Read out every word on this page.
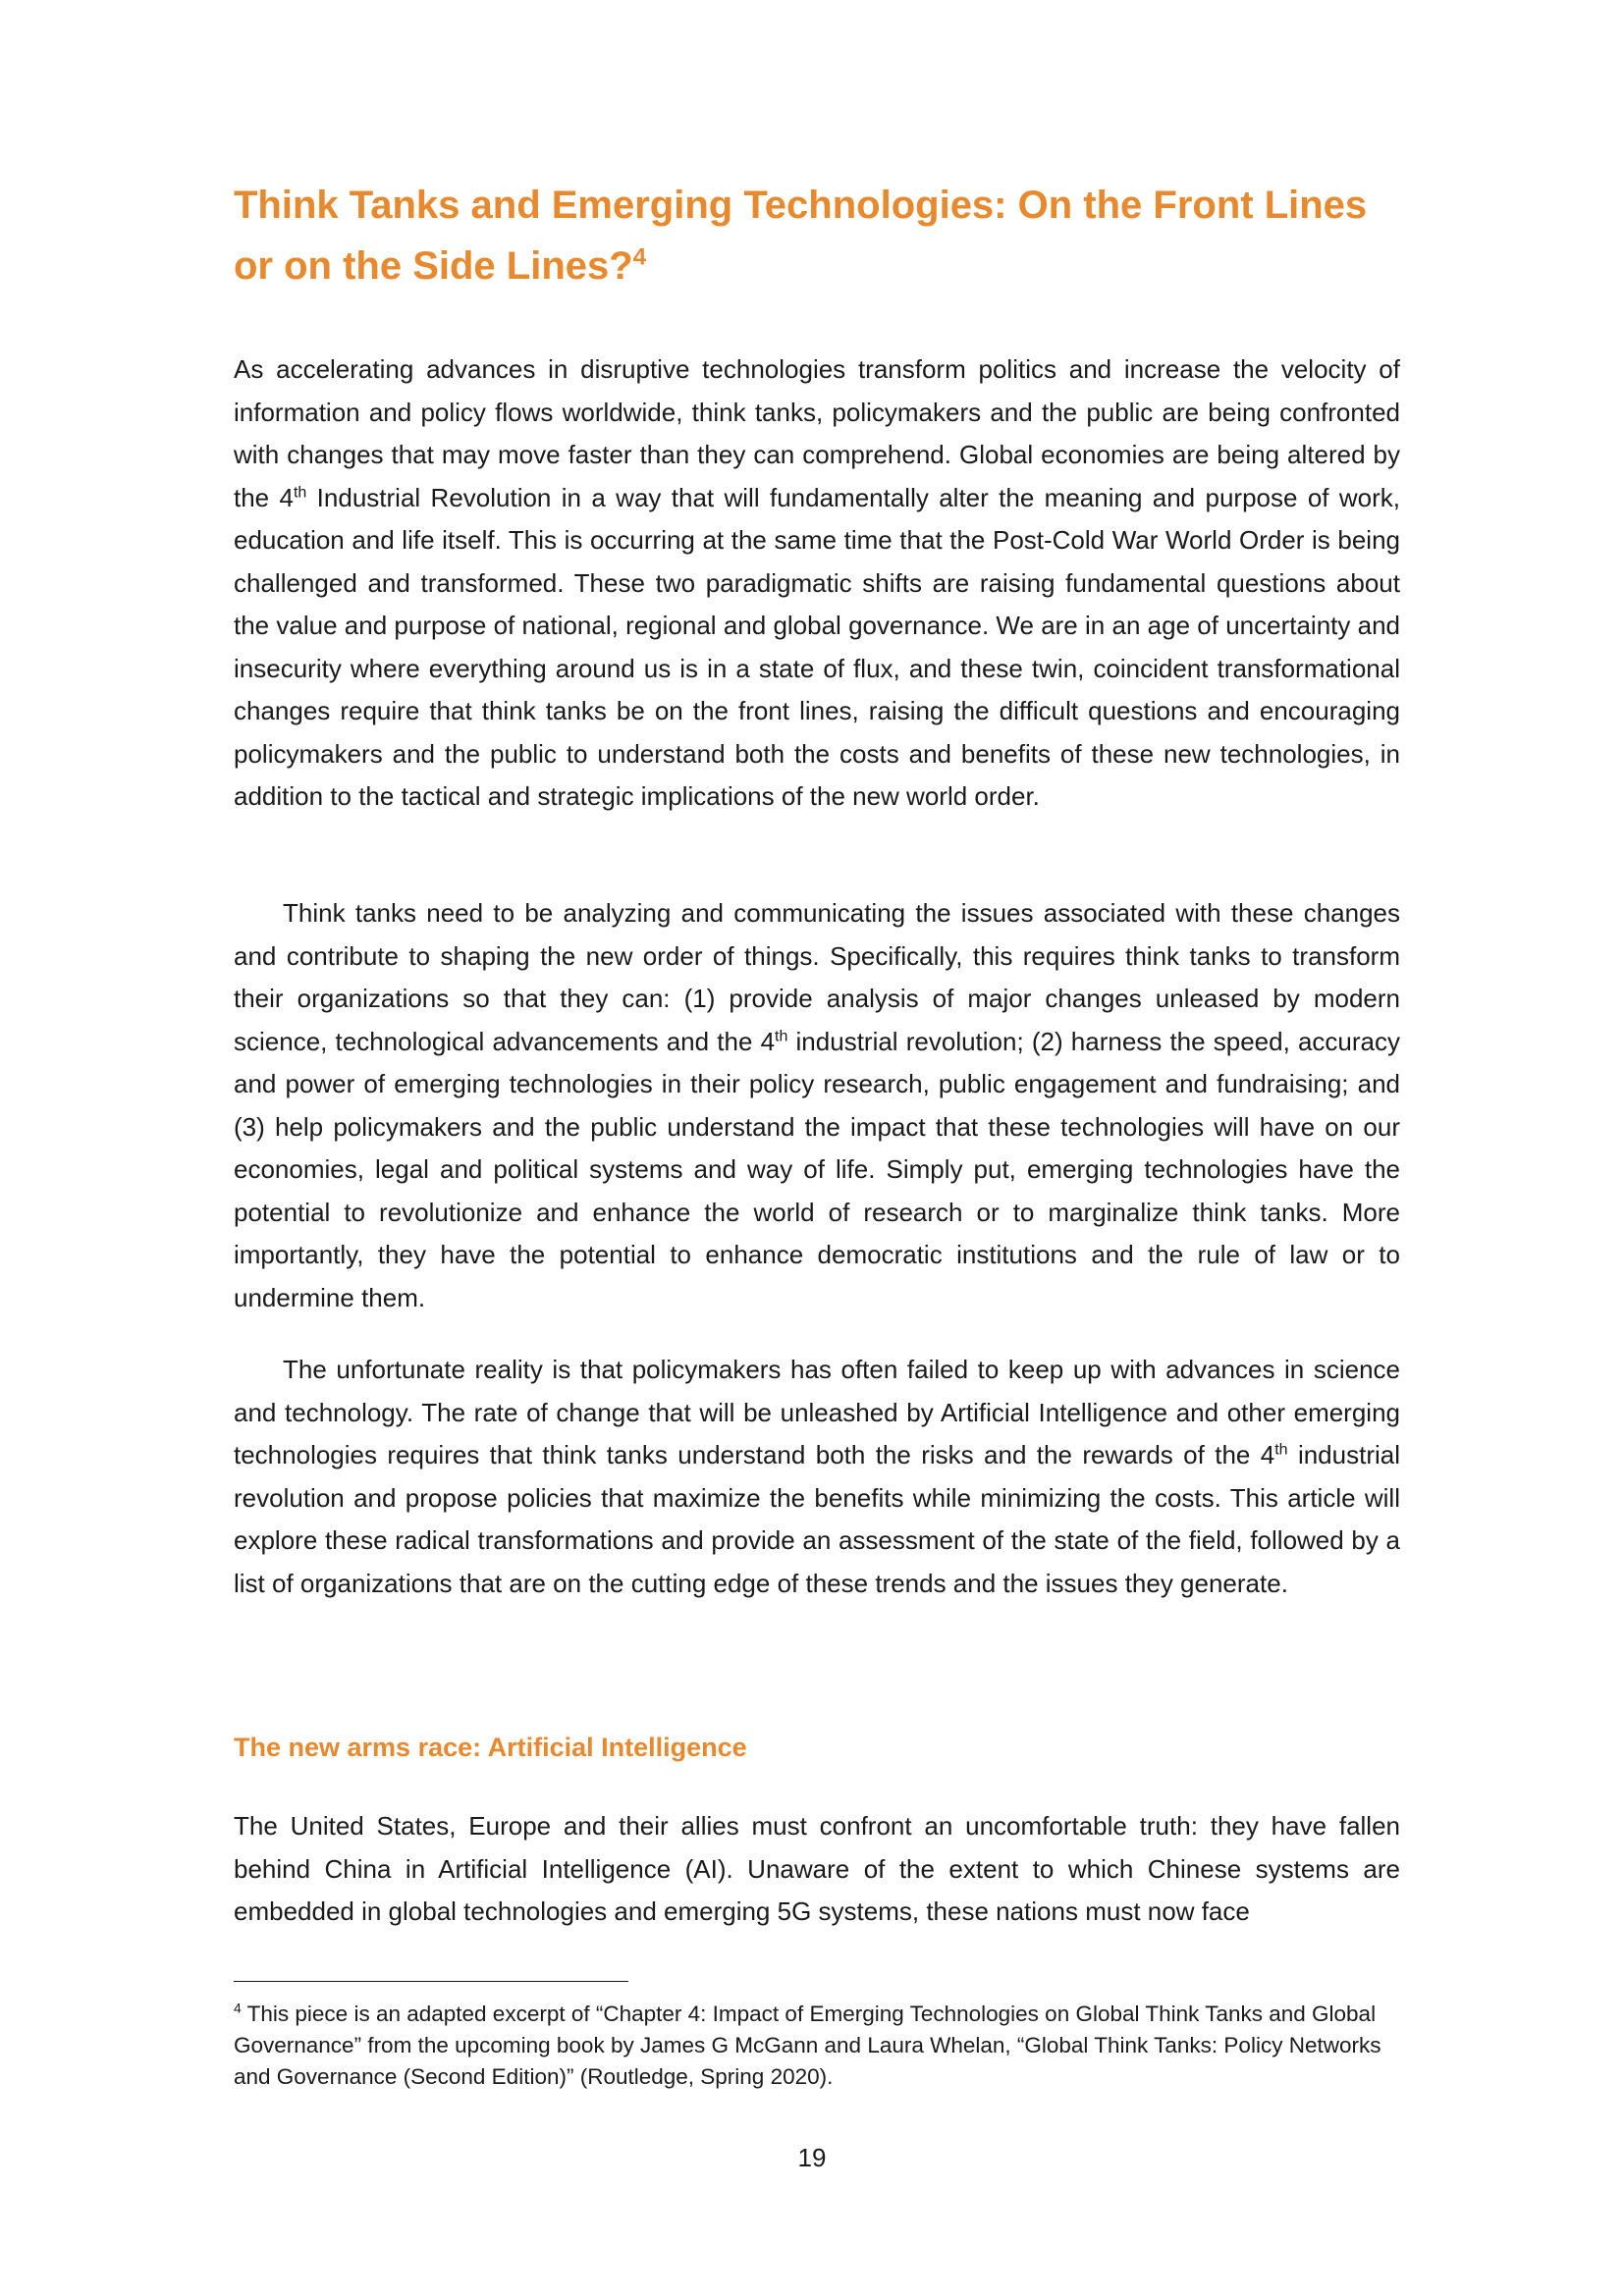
Think Tanks and Emerging Technologies: On the Front Lines or on the Side Lines?$^4$

As accelerating advances in disruptive technologies transform politics and increase the velocity of information and policy flows worldwide, think tanks, policymakers and the public are being confronted with changes that may move faster than they can comprehend. Global economies are being altered by the 4th Industrial Revolution in a way that will fundamentally alter the meaning and purpose of work, education and life itself. This is occurring at the same time that the Post-Cold War World Order is being challenged and transformed. These two paradigmatic shifts are raising fundamental questions about the value and purpose of national, regional and global governance. We are in an age of uncertainty and insecurity where everything around us is in a state of flux, and these twin, coincident transformational changes require that think tanks be on the front lines, raising the difficult questions and encouraging policymakers and the public to understand both the costs and benefits of these new technologies, in addition to the tactical and strategic implications of the new world order.

Think tanks need to be analyzing and communicating the issues associated with these changes and contribute to shaping the new order of things. Specifically, this requires think tanks to transform their organizations so that they can: (1) provide analysis of major changes unleased by modern science, technological advancements and the 4th industrial revolution; (2) harness the speed, accuracy and power of emerging technologies in their policy research, public engagement and fundraising; and (3) help policymakers and the public understand the impact that these technologies will have on our economies, legal and political systems and way of life. Simply put, emerging technologies have the potential to revolutionize and enhance the world of research or to marginalize think tanks. More importantly, they have the potential to enhance democratic institutions and the rule of law or to undermine them.

The unfortunate reality is that policymakers has often failed to keep up with advances in science and technology. The rate of change that will be unleashed by Artificial Intelligence and other emerging technologies requires that think tanks understand both the risks and the rewards of the 4th industrial revolution and propose policies that maximize the benefits while minimizing the costs. This article will explore these radical transformations and provide an assessment of the state of the field, followed by a list of organizations that are on the cutting edge of these trends and the issues they generate.

The new arms race: Artificial Intelligence

The United States, Europe and their allies must confront an uncomfortable truth: they have fallen behind China in Artificial Intelligence (AI). Unaware of the extent to which Chinese systems are embedded in global technologies and emerging 5G systems, these nations must now face

$^4$ This piece is an adapted excerpt of “Chapter 4: Impact of Emerging Technologies on Global Think Tanks and Global Governance” from the upcoming book by James G McGann and Laura Whelan, “Global Think Tanks: Policy Networks and Governance (Second Edition)” (Routledge, Spring 2020).

19
